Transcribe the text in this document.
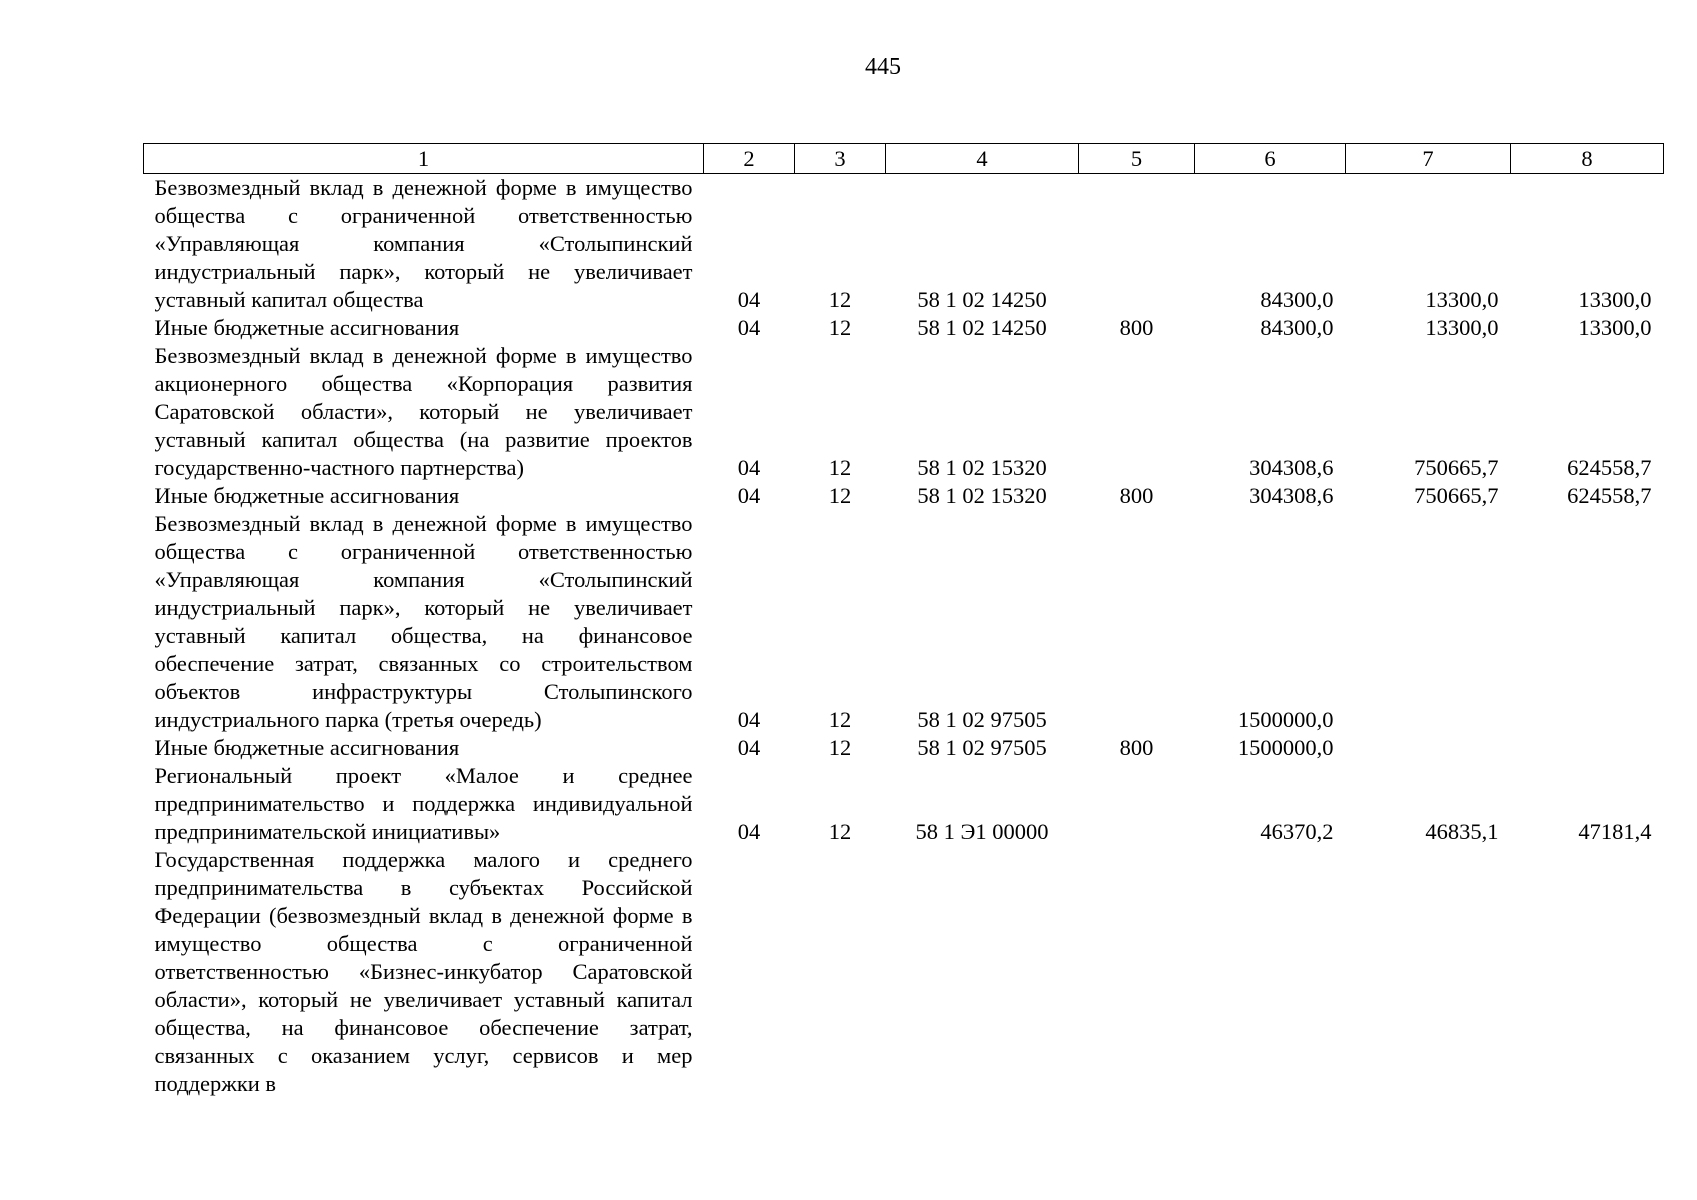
445
1	2	3	4	5	6	7	8
Безвозмездный вклад в денежной форме в имущество общества с ограниченной ответственностью «Управляющая компания «Столыпинский индустриальный парк», который не увеличивает уставный капитал общества	04	12	58 1 02 14250		84300,0	13300,0	13300,0
Иные бюджетные ассигнования	04	12	58 1 02 14250	800	84300,0	13300,0	13300,0
Безвозмездный вклад в денежной форме в имущество акционерного общества «Корпорация развития Саратовской области», который не увеличивает уставный капитал общества (на развитие проектов государственно-частного партнерства)	04	12	58 1 02 15320		304308,6	750665,7	624558,7
Иные бюджетные ассигнования	04	12	58 1 02 15320	800	304308,6	750665,7	624558,7
Безвозмездный вклад в денежной форме в имущество общества с ограниченной ответственностью «Управляющая компания «Столыпинский индустриальный парк», который не увеличивает уставный капитал общества, на финансовое обеспечение затрат, связанных со строительством объектов инфраструктуры Столыпинского индустриального парка (третья очередь)	04	12	58 1 02 97505		1500000,0		
Иные бюджетные ассигнования	04	12	58 1 02 97505	800	1500000,0		
Региональный проект «Малое и среднее предпринимательство и поддержка индивидуальной предпринимательской инициативы»	04	12	58 1 Э1 00000		46370,2	46835,1	47181,4
Государственная поддержка малого и среднего предпринимательства в субъектах Российской Федерации (безвозмездный вклад в денежной форме в имущество общества с ограниченной ответственностью «Бизнес-инкубатор Саратовской области», который не увеличивает уставный капитал общества, на финансовое обеспечение затрат, связанных с оказанием услуг, сервисов и мер поддержки в							
